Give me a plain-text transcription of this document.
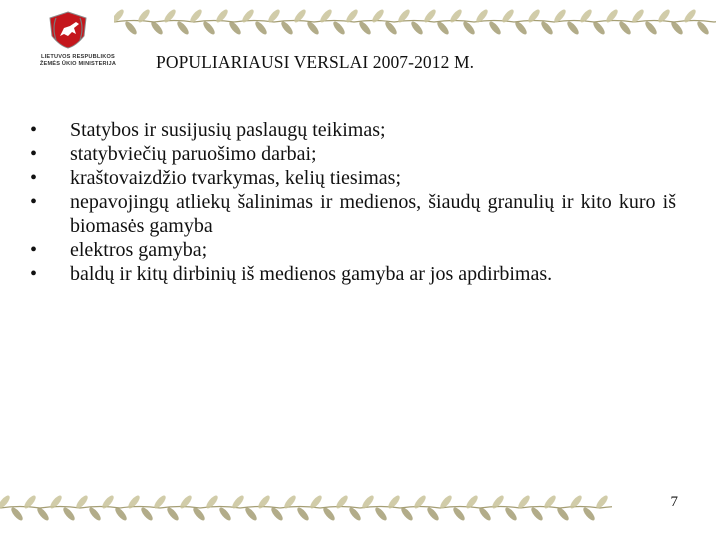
LIETUVOS RESPUBLIKOS
ŽEMĖS ŪKIO MINISTERIJA	POPULIARIAUSI VERSLAI 2007-2012 M.
•	Statybos ir susijusių paslaugų teikimas;
•	statybviečių paruošimo darbai;
•	kraštovaizdžio tvarkymas, kelių tiesimas;
•	nepavojingų atliekų šalinimas ir medienos, šiaudų granulių ir kito kuro iš biomasės gamyba
•	elektros gamyba;
•	baldų ir kitų dirbinių iš medienos gamyba ar jos apdirbimas.
7
